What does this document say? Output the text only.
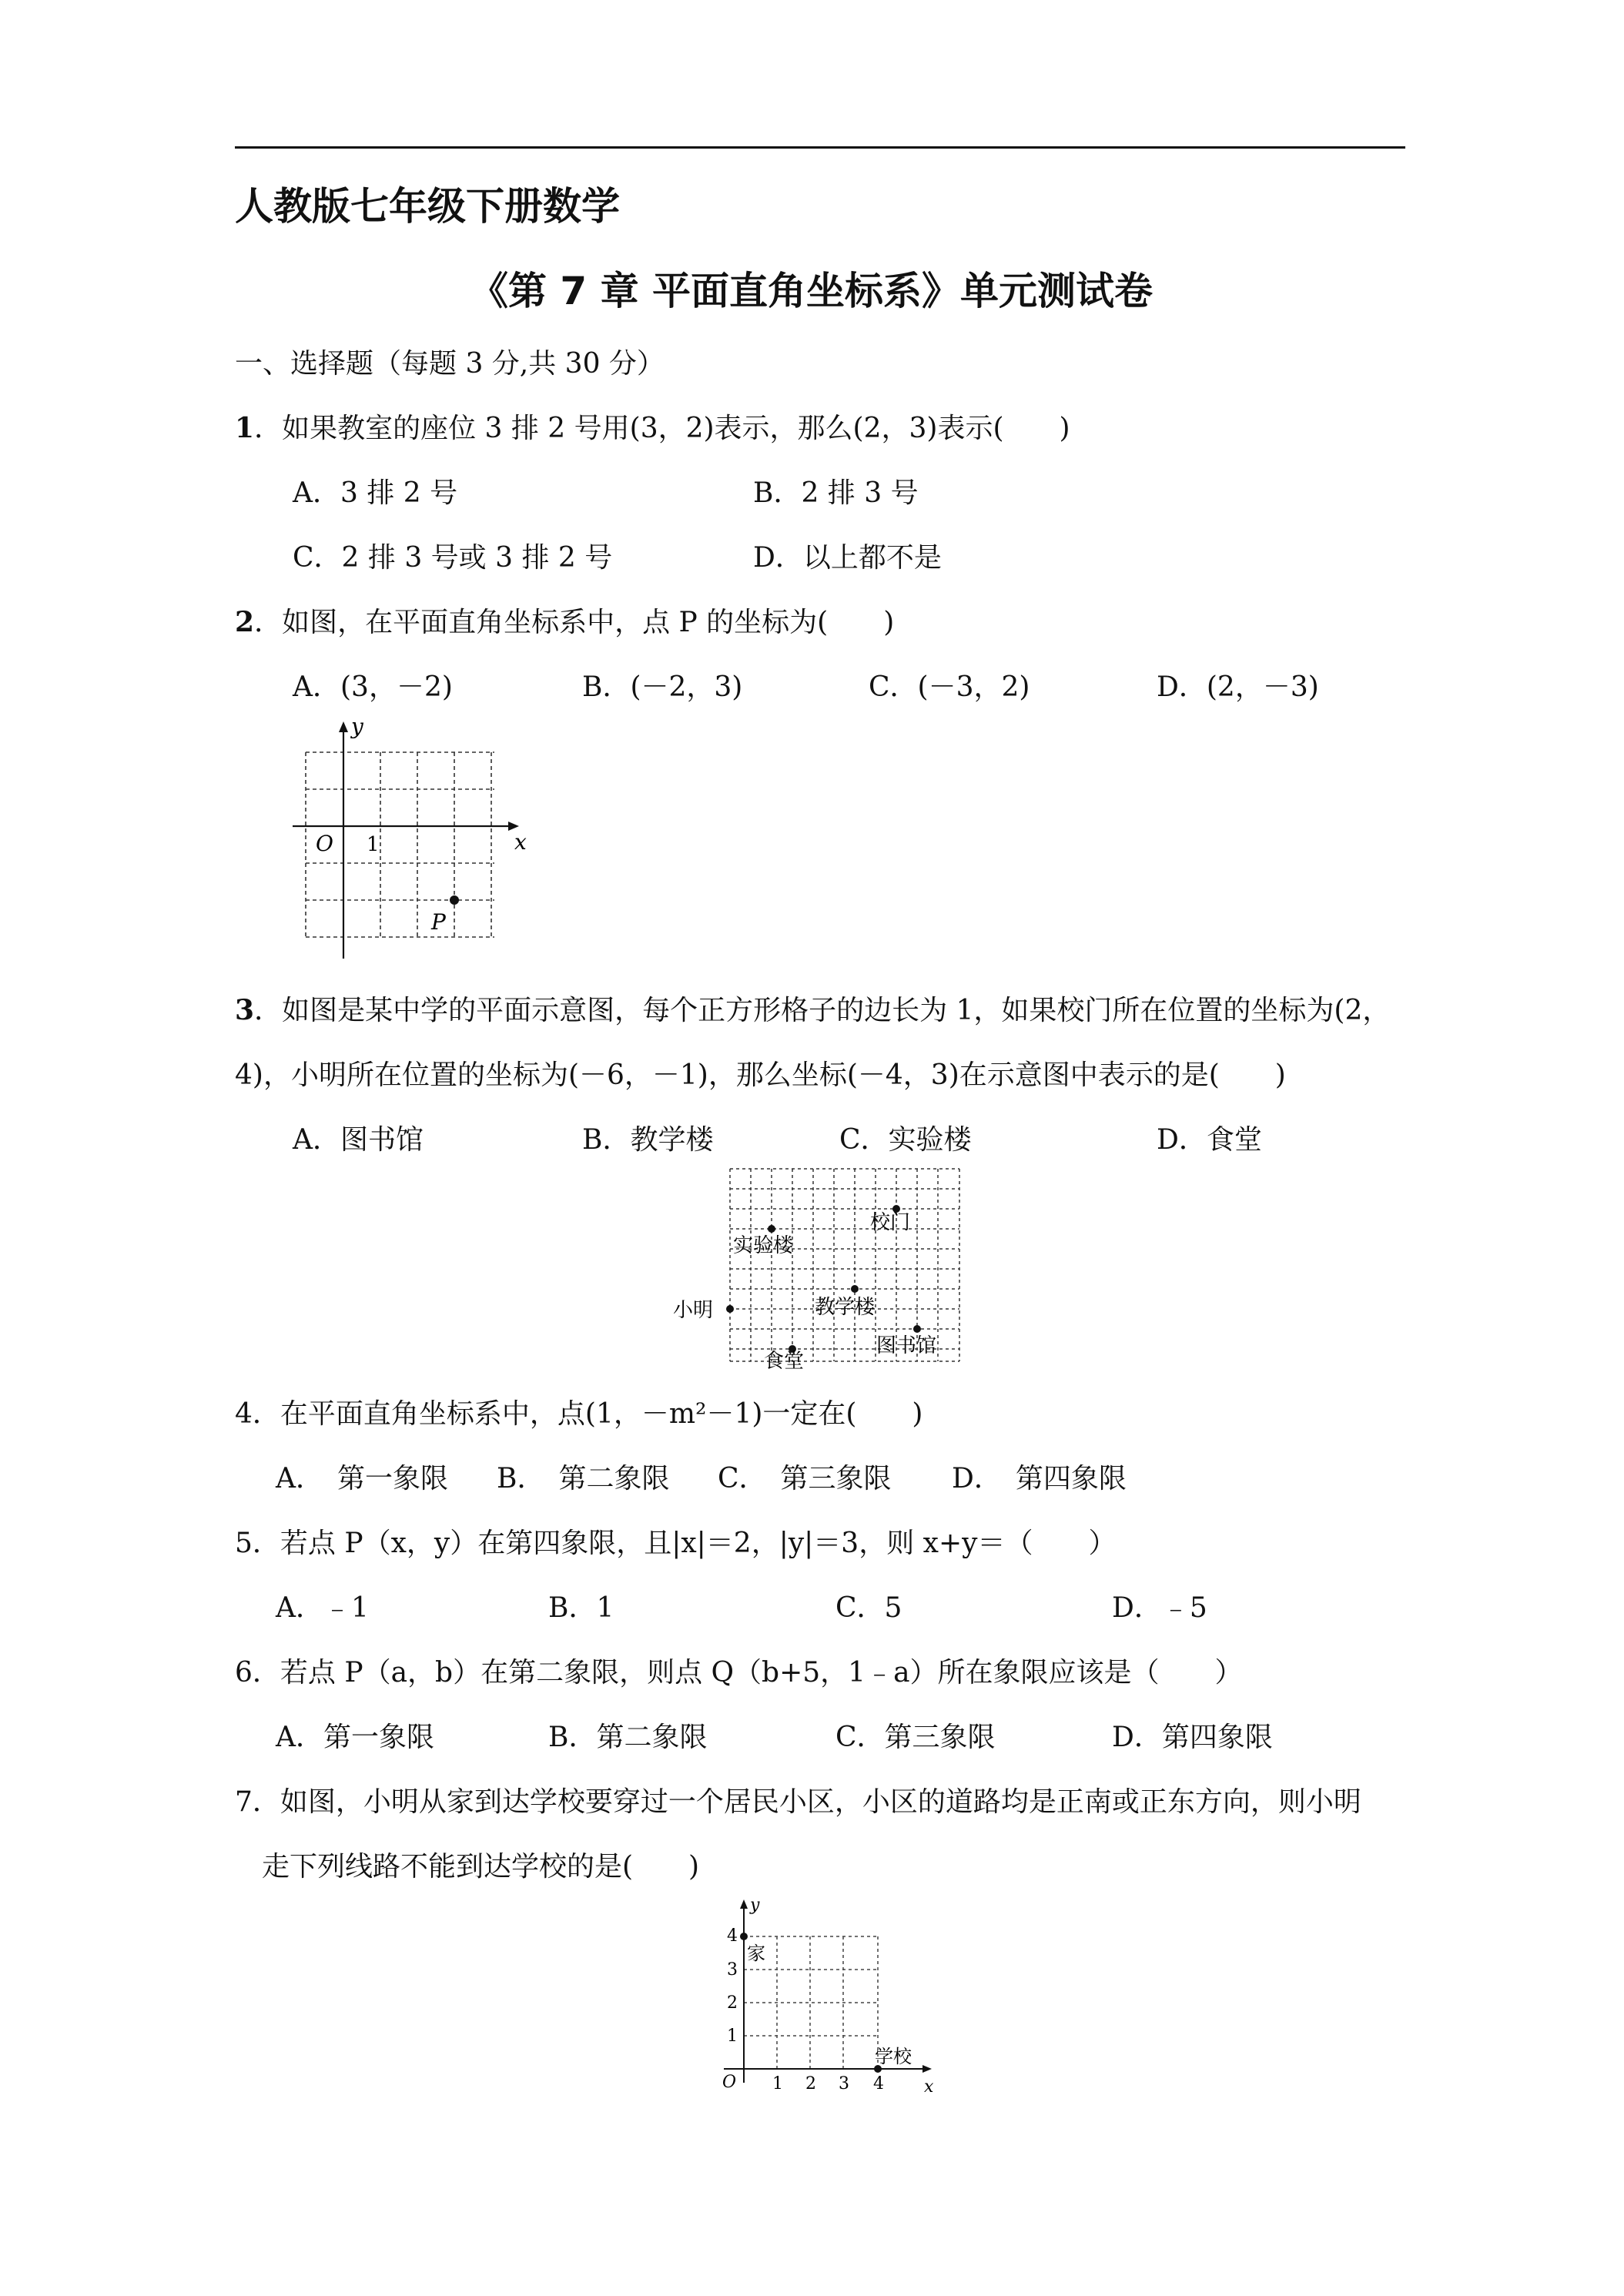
人教版七年级下册数学
《第 7 章 平面直角坐标系》单元测试卷
一、选择题（每题 3 分,共 30 分）
1．如果教室的座位 3 排 2 号用(3，2)表示，那么(2，3)表示(　　)
A．3 排 2 号	B．2 排 3 号
C．2 排 3 号或 3 排 2 号	D．以上都不是
2．如图，在平面直角坐标系中，点 P 的坐标为(　　)
A．(3，－2)	B．(－2，3)	C．(－3，2)	D．(2，－3)
y
x
O 1
P
3．如图是某中学的平面示意图，每个正方形格子的边长为 1，如果校门所在位置的坐标为(2，
4)，小明所在位置的坐标为(－6，－1)，那么坐标(－4，3)在示意图中表示的是(　　)
A．图书馆	B．教学楼	C．实验楼	D．食堂
校门
实验楼
小明	教学楼
食堂
图书馆
4．在平面直角坐标系中，点(1，－m²－1)一定在(　　)
A．　第一象限 B．　第二象限 C．　第三象限 D．　第四象限
5．若点 P（x，y）在第四象限，且|x|＝2，|y|＝3，则 x+y＝（　　）
A．﹣1	B．1	C．5	D．﹣5
6．若点 P（a，b）在第二象限，则点 Q（b+5，1﹣a）所在象限应该是（　　）
A．第一象限	B．第二象限	C．第三象限	D．第四象限
7．如图，小明从家到达学校要穿过一个居民小区，小区的道路均是正南或正东方向，则小明
走下列线路不能到达学校的是(　　)
y
x
O 1 2 3 4
1
2
3
4
家
学校
